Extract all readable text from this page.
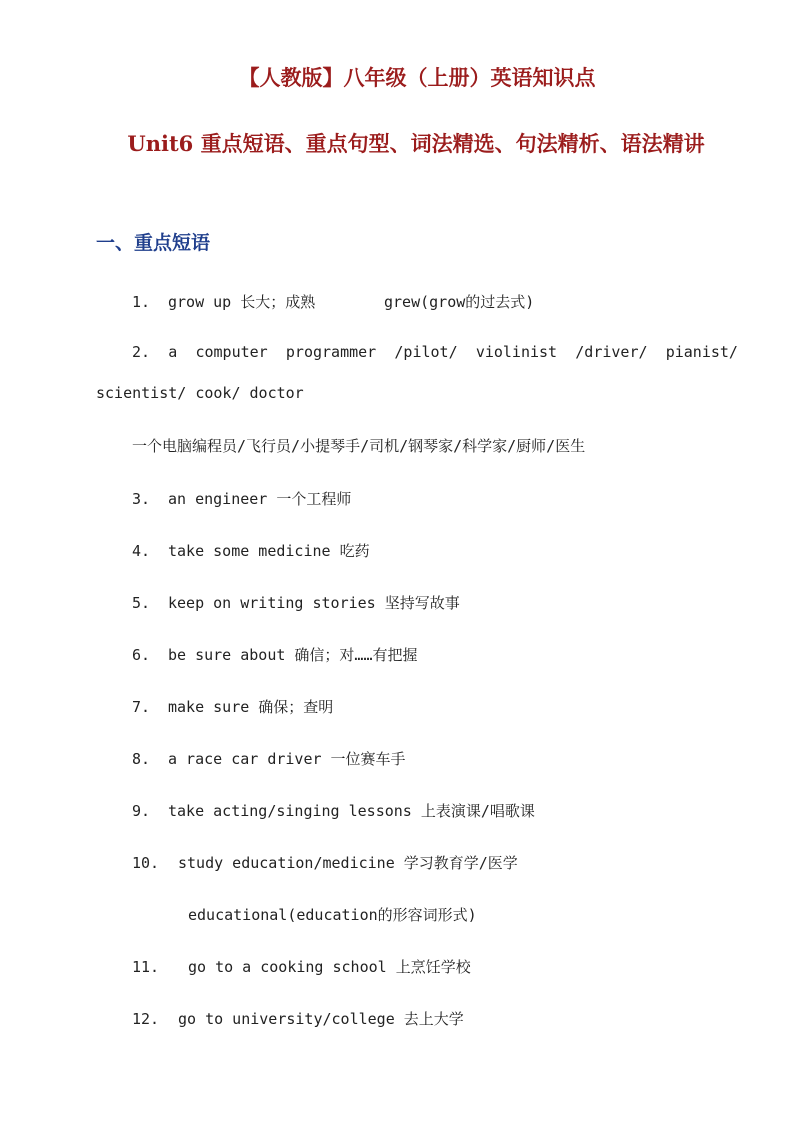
【人教版】八年级（上册）英语知识点
Unit6 重点短语、重点句型、词法精选、句法精析、语法精讲
一、重点短语
1. grow up 长大；成熟	grew(grow的过去式)
2. a computer programmer /pilot/ violinist /driver/ pianist/
scientist/ cook/ doctor
一个电脑编程员/飞行员/小提琴手/司机/钢琴家/科学家/厨师/医生
3. an engineer 一个工程师
4. take some medicine 吃药
5. keep on writing stories 坚持写故事
6. be sure about 确信；对……有把握
7. make sure 确保；查明
8. a race car driver 一位赛车手
9. take acting/singing lessons 上表演课/唱歌课
10. study education/medicine 学习教育学/医学
educational(education的形容词形式)
11. go to a cooking school 上烹饪学校
12. go to university/college 去上大学
